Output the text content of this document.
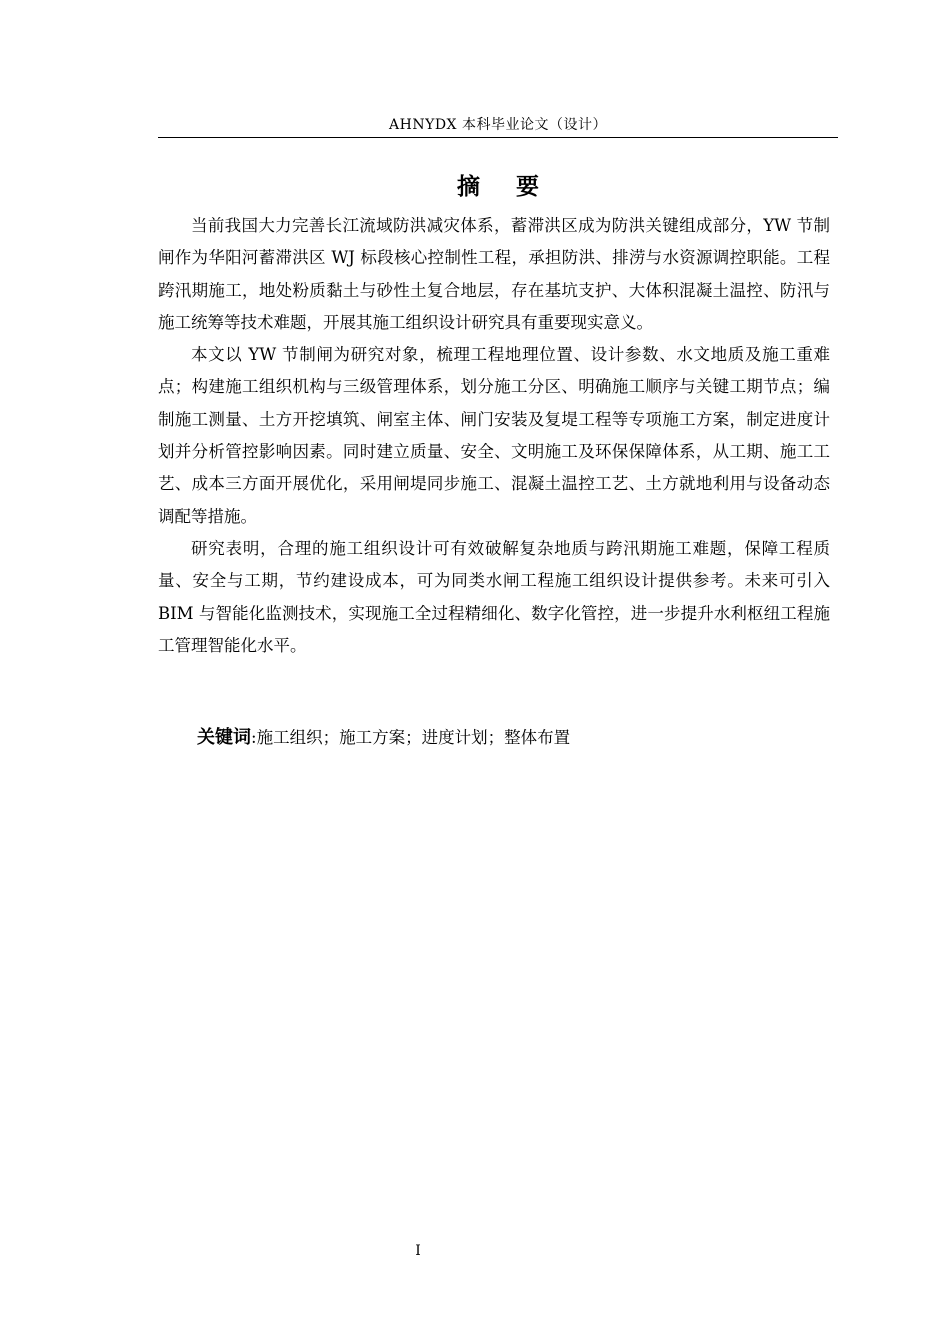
AHNYDX 本科毕业论文（设计）
摘 要

当前我国大力完善长江流域防洪减灾体系，蓄滞洪区成为防洪关键组成部分，YW 节制闸作为华阳河蓄滞洪区 WJ 标段核心控制性工程，承担防洪、排涝与水资源调控职能。工程跨汛期施工，地处粉质黏土与砂性土复合地层，存在基坑支护、大体积混凝土温控、防汛与施工统筹等技术难题，开展其施工组织设计研究具有重要现实意义。

本文以 YW 节制闸为研究对象，梳理工程地理位置、设计参数、水文地质及施工重难点；构建施工组织机构与三级管理体系，划分施工分区、明确施工顺序与关键工期节点；编制施工测量、土方开挖填筑、闸室主体、闸门安装及复堤工程等专项施工方案，制定进度计划并分析管控影响因素。同时建立质量、安全、文明施工及环保保障体系，从工期、施工工艺、成本三方面开展优化，采用闸堤同步施工、混凝土温控工艺、土方就地利用与设备动态调配等措施。

研究表明，合理的施工组织设计可有效破解复杂地质与跨汛期施工难题，保障工程质量、安全与工期，节约建设成本，可为同类水闸工程施工组织设计提供参考。未来可引入 BIM 与智能化监测技术，实现施工全过程精细化、数字化管控，进一步提升水利枢纽工程施工管理智能化水平。

关键词:施工组织；施工方案；进度计划；整体布置
I
